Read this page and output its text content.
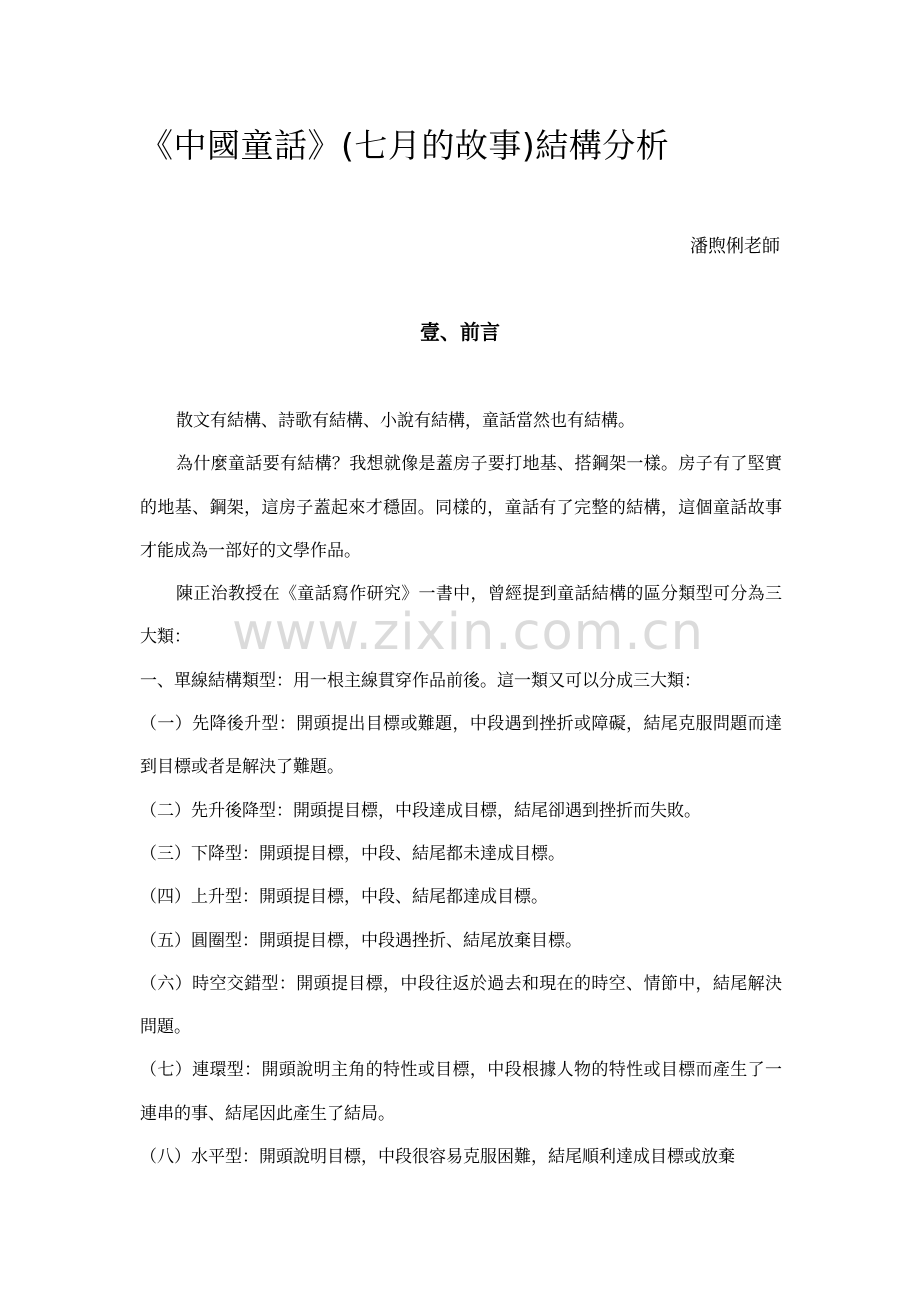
《中國童話》(七月的故事)結構分析
潘煦俐老師
壹、前言

散文有結構、詩歌有結構、小說有結構，童話當然也有結構。

為什麼童話要有結構？我想就像是蓋房子要打地基、搭鋼架一樣。房子有了堅實的地基、鋼架，這房子蓋起來才穩固。同樣的，童話有了完整的結構，這個童話故事才能成為一部好的文學作品。

陳正治教授在《童話寫作研究》一書中，曾經提到童話結構的區分類型可分為三大類：

一、單線結構類型：用一根主線貫穿作品前後。這一類又可以分成三大類：

（一）先降後升型：開頭提出目標或難題，中段遇到挫折或障礙，結尾克服問題而達到目標或者是解決了難題。

（二）先升後降型：開頭提目標，中段達成目標，結尾卻遇到挫折而失敗。

（三）下降型：開頭提目標，中段、結尾都未達成目標。

（四）上升型：開頭提目標，中段、結尾都達成目標。

（五）圓圈型：開頭提目標，中段遇挫折、結尾放棄目標。

（六）時空交錯型：開頭提目標，中段往返於過去和現在的時空、情節中，結尾解決問題。

（七）連環型：開頭說明主角的特性或目標，中段根據人物的特性或目標而產生了一連串的事、結尾因此產生了結局。

（八）水平型：開頭說明目標，中段很容易克服困難，結尾順利達成目標或放棄

www.zixin.com.cn
